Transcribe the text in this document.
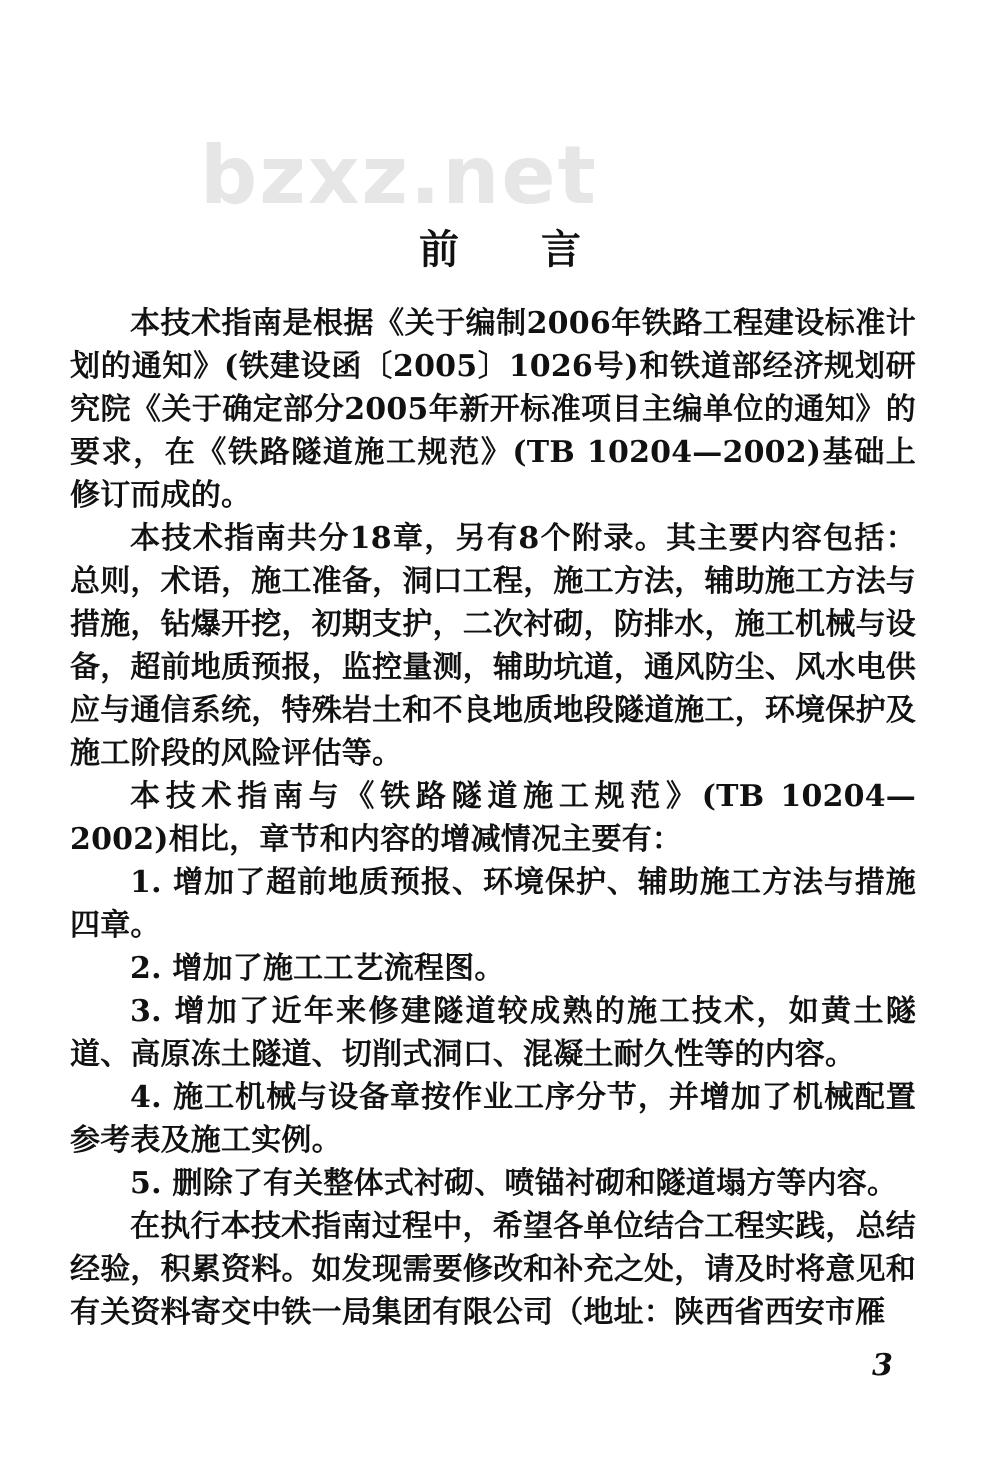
bzxz.net
前 言

本技术指南是根据《关于编制2006年铁路工程建设标准计划的通知》(铁建设函〔2005〕1026号)和铁道部经济规划研究院《关于确定部分2005年新开标准项目主编单位的通知》的要求，在《铁路隧道施工规范》(TB 10204—2002)基础上修订而成的。

本技术指南共分18章，另有8个附录。其主要内容包括：总则，术语，施工准备，洞口工程，施工方法，辅助施工方法与措施，钻爆开挖，初期支护，二次衬砌，防排水，施工机械与设备，超前地质预报，监控量测，辅助坑道，通风防尘、风水电供应与通信系统，特殊岩土和不良地质地段隧道施工，环境保护及施工阶段的风险评估等。

本技术指南与《铁路隧道施工规范》(TB 10204—2002)相比，章节和内容的增减情况主要有：

1. 增加了超前地质预报、环境保护、辅助施工方法与措施四章。

2. 增加了施工工艺流程图。

3. 增加了近年来修建隧道较成熟的施工技术，如黄土隧道、高原冻土隧道、切削式洞口、混凝土耐久性等的内容。

4. 施工机械与设备章按作业工序分节，并增加了机械配置参考表及施工实例。

5. 删除了有关整体式衬砌、喷锚衬砌和隧道塌方等内容。

在执行本技术指南过程中，希望各单位结合工程实践，总结经验，积累资料。如发现需要修改和补充之处，请及时将意见和有关资料寄交中铁一局集团有限公司（地址：陕西省西安市雁

3
